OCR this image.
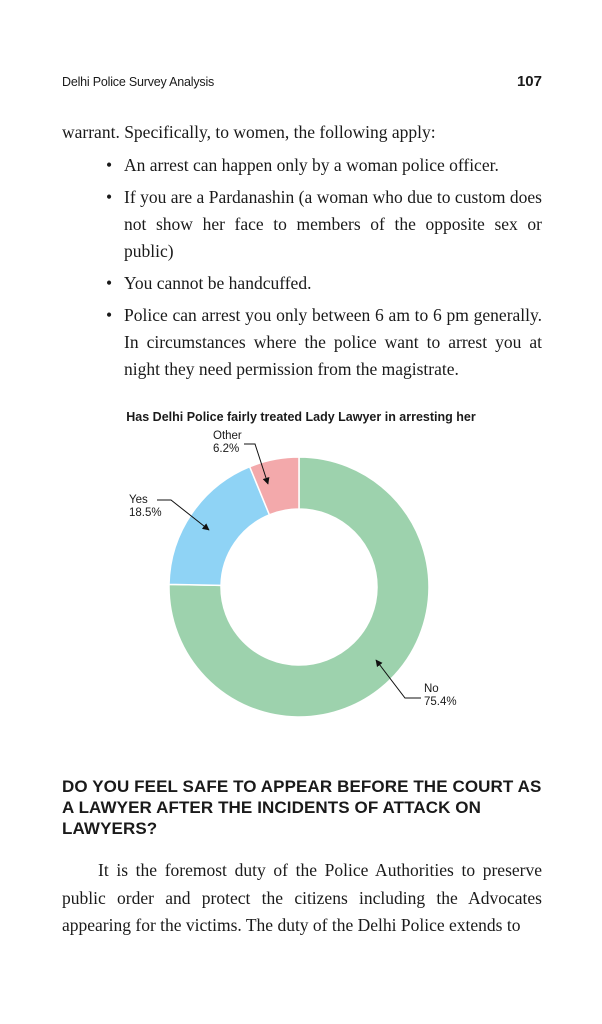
Delhi Police Survey Analysis	107

warrant. Specifically, to women, the following apply:

• An arrest can happen only by a woman police officer.
• If you are a Pardanashin (a woman who due to custom does not show her face to members of the opposite sex or public)
• You cannot be handcuffed.
• Police can arrest you only between 6 am to 6 pm generally. In circumstances where the police want to arrest you at night they need permission from the magistrate.
Has Delhi Police fairly treated Lady Lawyer in arresting her
No
75.4%
Yes
18.5%
Other
6.2%
DO YOU FEEL SAFE TO APPEAR BEFORE THE COURT AS A LAWYER AFTER THE INCIDENTS OF ATTACK ON LAWYERS?

It is the foremost duty of the Police Authorities to preserve public order and protect the citizens including the Advocates appearing for the victims. The duty of the Delhi Police extends to
